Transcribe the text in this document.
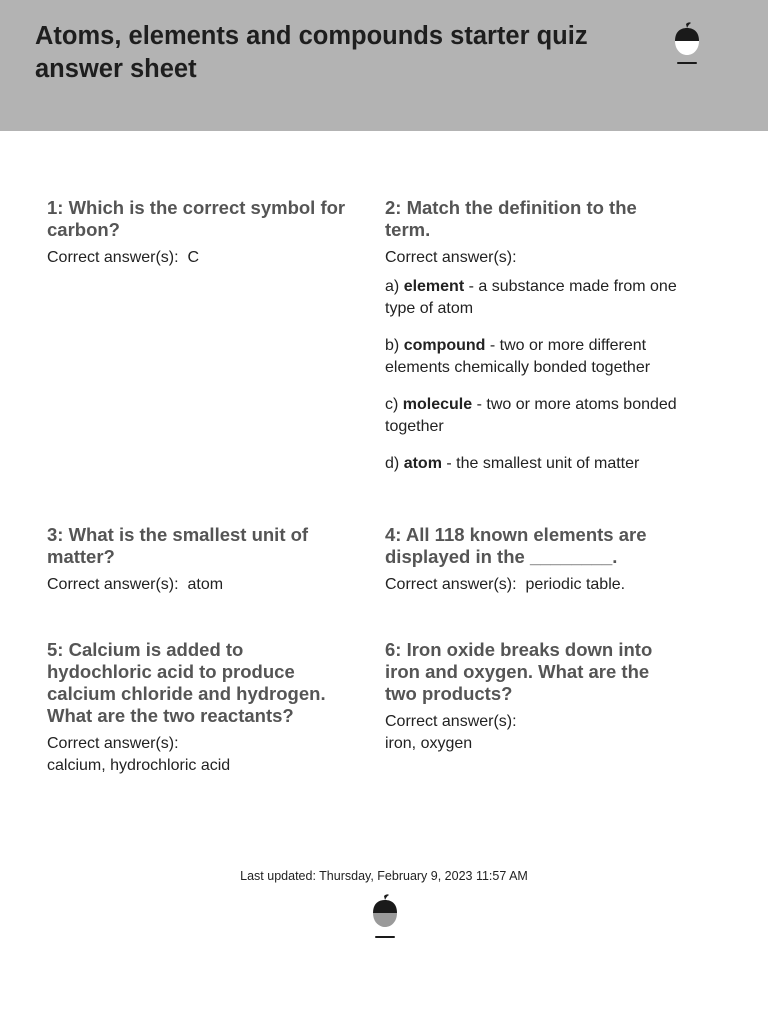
Atoms, elements and compounds starter quiz answer sheet

1: Which is the correct symbol for carbon?

Correct answer(s): C

2: Match the definition to the term.

Correct answer(s):

a) element - a substance made from one type of atom

b) compound - two or more different elements chemically bonded together

c) molecule - two or more atoms bonded together

d) atom - the smallest unit of matter

3: What is the smallest unit of matter?

Correct answer(s): atom

4: All 118 known elements are displayed in the ________.

Correct answer(s): periodic table.

5: Calcium is added to hydochloric acid to produce calcium chloride and hydrogen. What are the two reactants?

Correct answer(s):

calcium, hydrochloric acid

6: Iron oxide breaks down into iron and oxygen. What are the two products?

Correct answer(s):

iron, oxygen

Last updated: Thursday, February 9, 2023 11:57 AM
